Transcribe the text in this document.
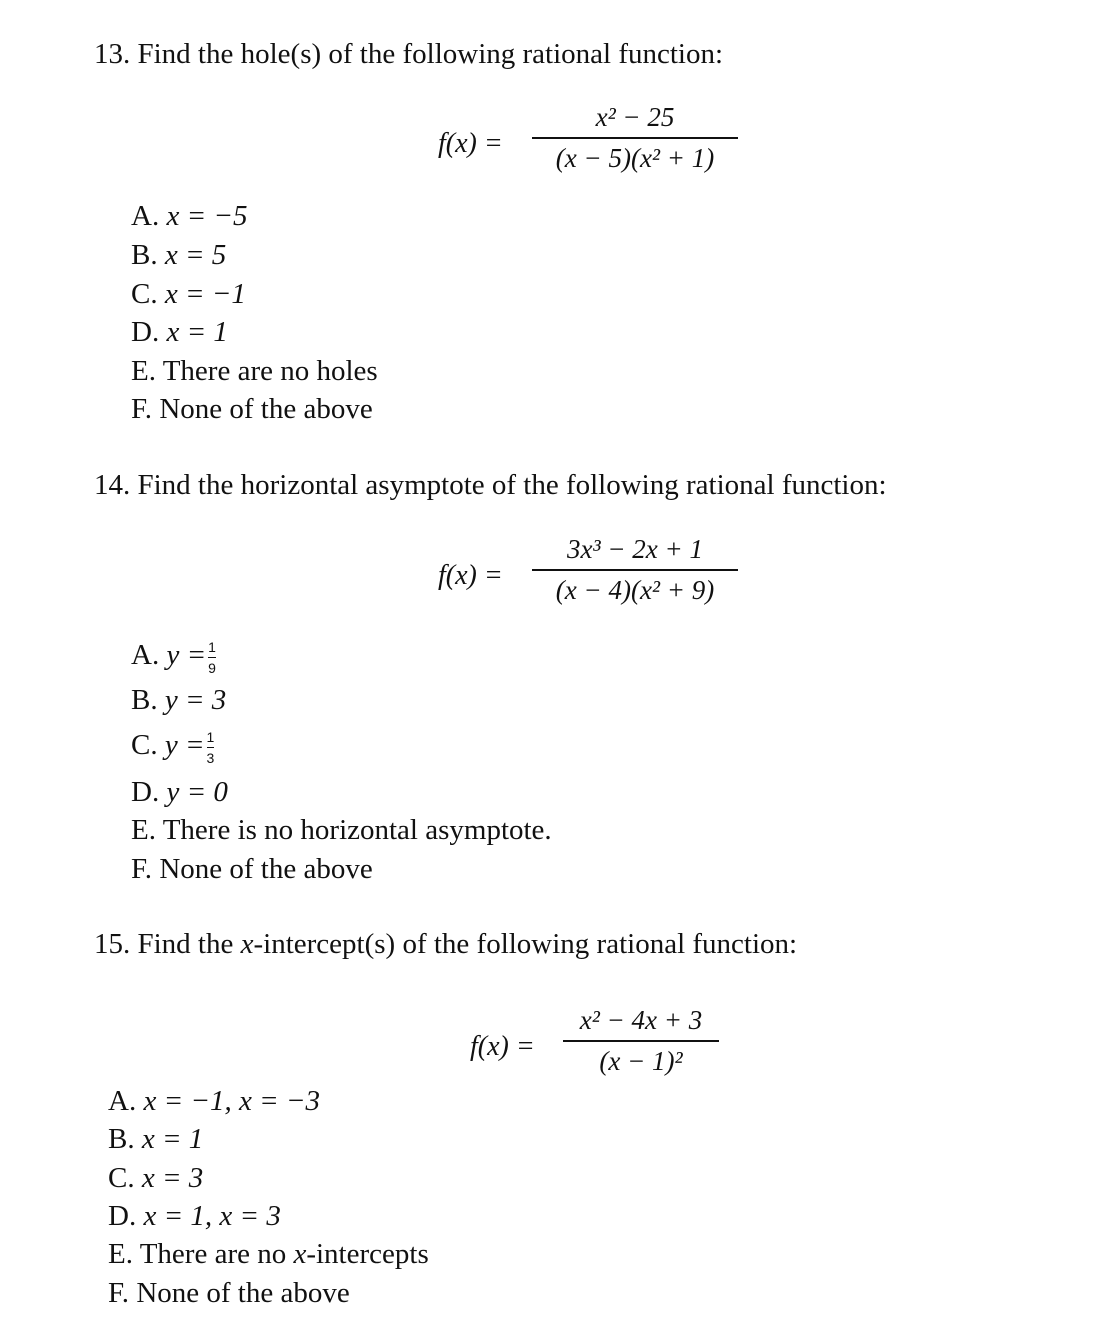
13. Find the hole(s) of the following rational function:
f(x) =
x² − 25
(x − 5)(x² + 1)
A. x = −5
B. x = 5
C. x = −1
D. x = 1
E. There are no holes
F. None of the above
14. Find the horizontal asymptote of the following rational function:
f(x) =
3x³ − 2x + 1
(x − 4)(x² + 9)
A. $y = \frac{1}{9}$
B. y = 3
C. $y = \frac{1}{3}$
D. y = 0
E. There is no horizontal asymptote.
F. None of the above
15. Find the x-intercept(s) of the following rational function:
f(x) =
x² − 4x + 3
(x − 1)²
A. x = −1, x = −3
B. x = 1
C. x = 3
D. x = 1, x = 3
E. There are no x-intercepts
F. None of the above
